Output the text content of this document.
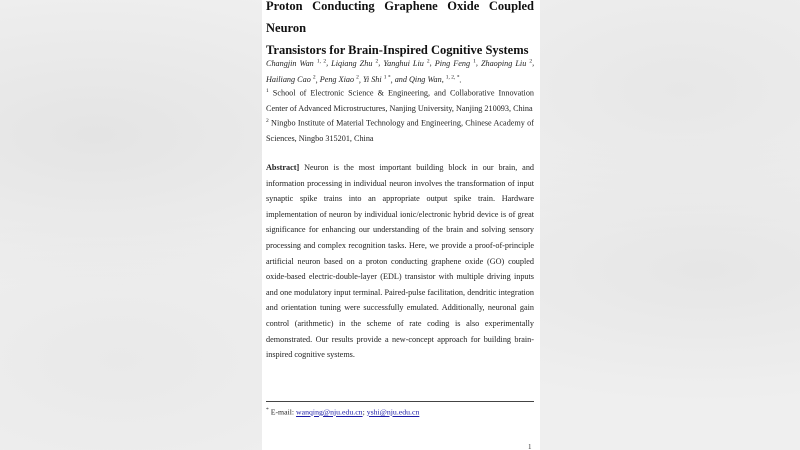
Proton Conducting Graphene Oxide Coupled Neuron
Transistors for Brain-Inspired Cognitive Systems
Changjin Wan $^{1, 2}$, Liqiang Zhu $^2$, Yanghui Liu $^2$, Ping Feng $^1$, Zhaoping Liu $^2$, Hailiang Cao $^2$, Peng Xiao $^2$, Yi Shi $^{1 *}$, and Qing Wan, $^{1, 2, *}$.
$^1$ School of Electronic Science & Engineering, and Collaborative Innovation Center of Advanced Microstructures, Nanjing University, Nanjing 210093, China
$^2$ Ningbo Institute of Material Technology and Engineering, Chinese Academy of Sciences, Ningbo 315201, China
Abstract] Neuron is the most important building block in our brain, and information processing in individual neuron involves the transformation of input synaptic spike trains into an appropriate output spike train. Hardware implementation of neuron by individual ionic/electronic hybrid device is of great significance for enhancing our understanding of the brain and solving sensory processing and complex recognition tasks. Here, we provide a proof-of-principle artificial neuron based on a proton conducting graphene oxide (GO) coupled oxide-based electric-double-layer (EDL) transistor with multiple driving inputs and one modulatory input terminal. Paired-pulse facilitation, dendritic integration and orientation tuning were successfully emulated. Additionally, neuronal gain control (arithmetic) in the scheme of rate coding is also experimentally demonstrated. Our results provide a new-concept approach for building brain-inspired cognitive systems.
* E-mail: wanqing@nju.edu.cn; yshi@nju.edu.cn
1
